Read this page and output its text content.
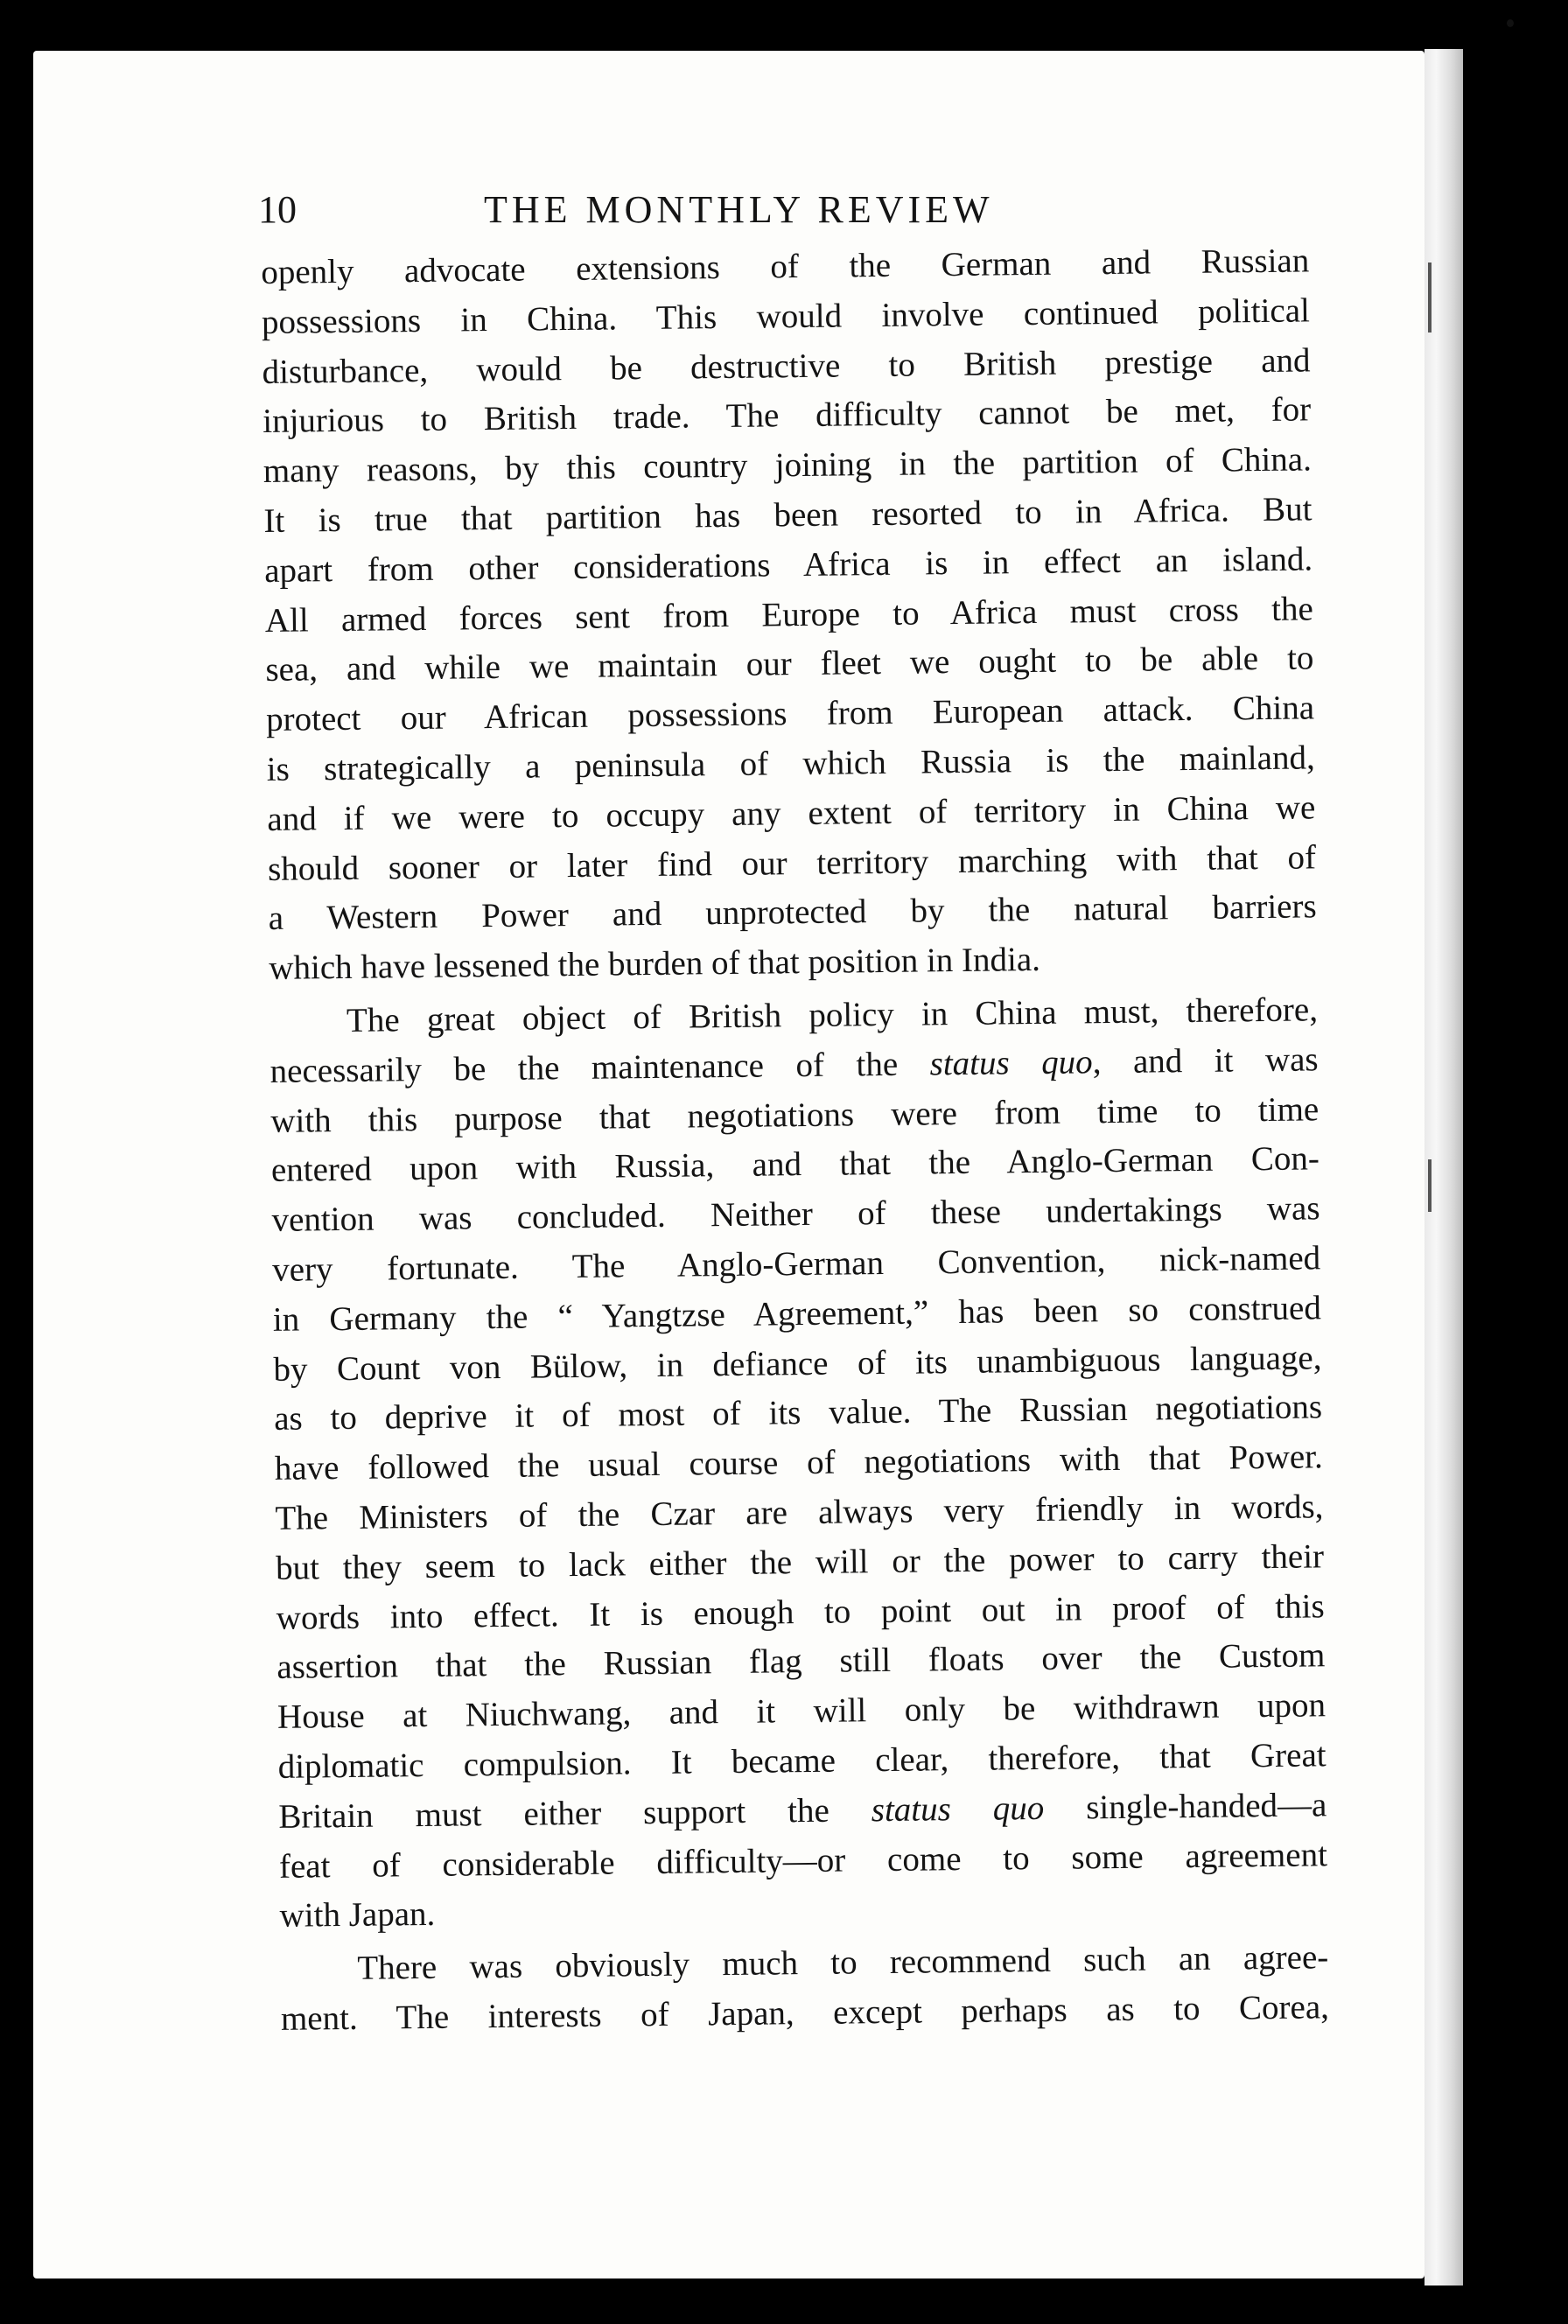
10	THE MONTHLY REVIEW
openly advocate extensions of the German and Russian
possessions in China. This would involve continued political
disturbance, would be destructive to British prestige and
injurious to British trade. The difficulty cannot be met, for
many reasons, by this country joining in the partition of China.
It is true that partition has been resorted to in Africa. But
apart from other considerations Africa is in effect an island.
All armed forces sent from Europe to Africa must cross the
sea, and while we maintain our fleet we ought to be able to
protect our African possessions from European attack. China
is strategically a peninsula of which Russia is the mainland,
and if we were to occupy any extent of territory in China we
should sooner or later find our territory marching with that of
a Western Power and unprotected by the natural barriers
which have lessened the burden of that position in India.
The great object of British policy in China must, therefore,
necessarily be the maintenance of the status quo, and it was
with this purpose that negotiations were from time to time
entered upon with Russia, and that the Anglo-German Con-
vention was concluded. Neither of these undertakings was
very fortunate. The Anglo-German Convention, nick-named
in Germany the “ Yangtzse Agreement,” has been so construed
by Count von Bülow, in defiance of its unambiguous language,
as to deprive it of most of its value. The Russian negotiations
have followed the usual course of negotiations with that Power.
The Ministers of the Czar are always very friendly in words,
but they seem to lack either the will or the power to carry their
words into effect. It is enough to point out in proof of this
assertion that the Russian flag still floats over the Custom
House at Niuchwang, and it will only be withdrawn upon
diplomatic compulsion. It became clear, therefore, that Great
Britain must either support the status quo single-handed—a
feat of considerable difficulty—or come to some agreement
with Japan.
There was obviously much to recommend such an agree-
ment. The interests of Japan, except perhaps as to Corea,
